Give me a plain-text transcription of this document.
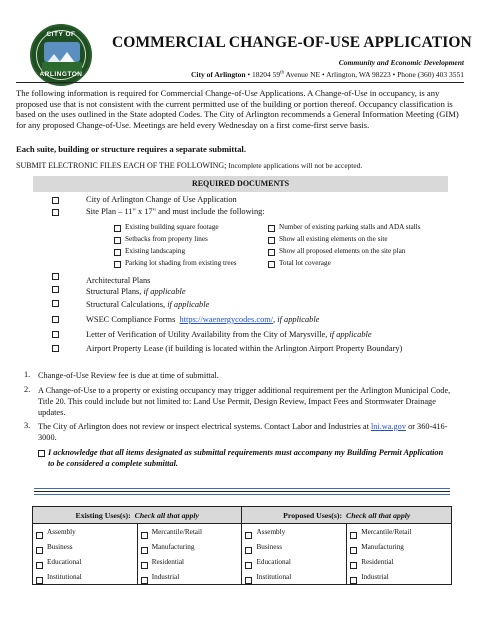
CITY OF
ARLINGTON
COMMERCIAL CHANGE-OF-USE APPLICATION
Community and Economic Development
City of Arlington • 18204 59th Avenue NE • Arlington, WA 98223 • Phone (360) 403 3551
The following information is required for Commercial Change-of-Use Applications. A Change-of-Use in occupancy, is any proposed use that is not consistent with the current permitted use of the building or portion thereof. Occupancy classification is based on the uses outlined in the State adopted Codes. The City of Arlington recommends a General Information Meeting (GIM) for any proposed Change-of-Use. Meetings are held every Wednesday on a first come-first serve basis.
Each suite, building or structure requires a separate submittal.
SUBMIT ELECTRONIC FILES EACH OF THE FOLLOWING; Incomplete applications will not be accepted.
REQUIRED DOCUMENTS
City of Arlington Change of Use Application
Site Plan – 11" x 17" and must include the following:
Existing building square footage
Setbacks from property lines
Existing landscaping
Parking lot shading from existing trees
Number of existing parking stalls and ADA stalls
Show all existing elements on the site
Show all proposed elements on the site plan
Total lot coverage
Architectural Plans
Structural Plans, if applicable
Structural Calculations, if applicable
WSEC Compliance Forms https://waenergycodes.com/, if applicable
Letter of Verification of Utility Availability from the City of Marysville, if applicable
Airport Property Lease (if building is located within the Arlington Airport Property Boundary)
1. Change-of-Use Review fee is due at time of submittal.
2. A Change-of-Use to a property or existing occupancy may trigger additional requirement per the Arlington Municipal Code, Title 20. This could include but not limited to: Land Use Permit, Design Review, Impact Fees and Stormwater Drainage updates.
3. The City of Arlington does not review or inspect electrical systems. Contact Labor and Industries at lni.wa.gov or 360-416-3000.
I acknowledge that all items designated as submittal requirements must accompany my Building Permit Application to be considered a complete submittal.
Existing Uses(s): Check all that apply		Proposed Uses(s): Check all that apply	

Assembly	Mercantile/Retail	Assembly	Mercantile/Retail

Business	Manufacturing	Business	Manufacturing

Educational	Residential	Educational	Residential

Institutional	Industrial	Institutional	Industrial
